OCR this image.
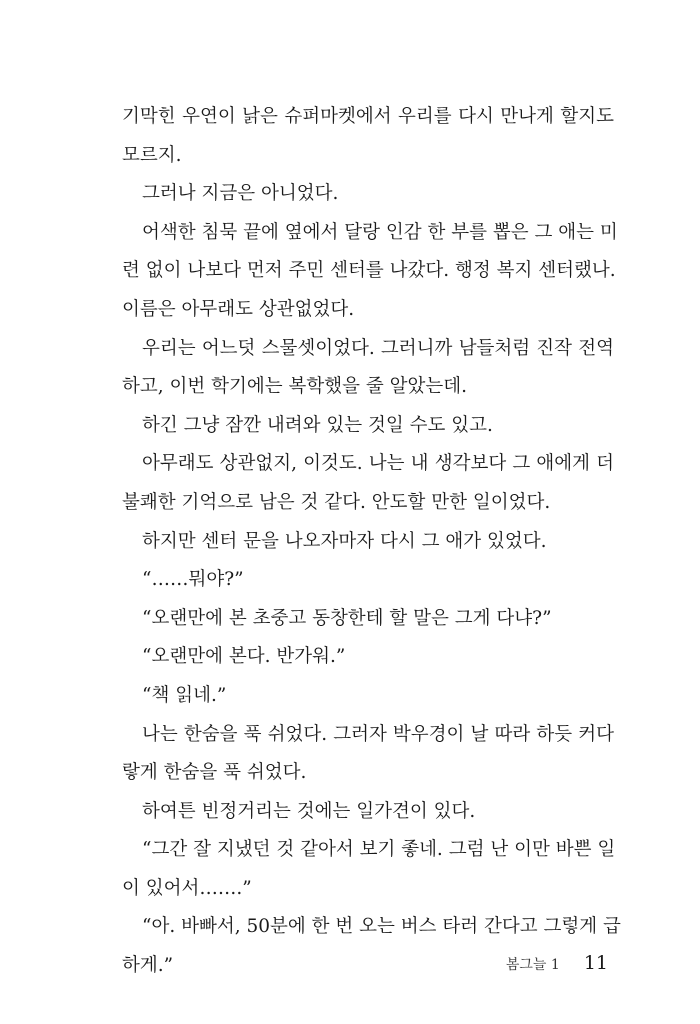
기막힌 우연이 낡은 슈퍼마켓에서 우리를 다시 만나게 할지도
모르지.
그러나 지금은 아니었다.
어색한 침묵 끝에 옆에서 달랑 인감 한 부를 뽑은 그 애는 미
련 없이 나보다 먼저 주민 센터를 나갔다. 행정 복지 센터랬나.
이름은 아무래도 상관없었다.
우리는 어느덧 스물셋이었다. 그러니까 남들처럼 진작 전역
하고, 이번 학기에는 복학했을 줄 알았는데.
하긴 그냥 잠깐 내려와 있는 것일 수도 있고.
아무래도 상관없지, 이것도. 나는 내 생각보다 그 애에게 더
불쾌한 기억으로 남은 것 같다. 안도할 만한 일이었다.
하지만 센터 문을 나오자마자 다시 그 애가 있었다.
“……뭐야?”
“오랜만에 본 초중고 동창한테 할 말은 그게 다냐?”
“오랜만에 본다. 반가워.”
“책 읽네.”
나는 한숨을 푹 쉬었다. 그러자 박우경이 날 따라 하듯 커다
랗게 한숨을 푹 쉬었다.
하여튼 빈정거리는 것에는 일가견이 있다.
“그간 잘 지냈던 것 같아서 보기 좋네. 그럼 난 이만 바쁜 일
이 있어서…….”
“아. 바빠서, 50분에 한 번 오는 버스 타러 간다고 그렇게 급
하게.”	봄그늘 1 11
